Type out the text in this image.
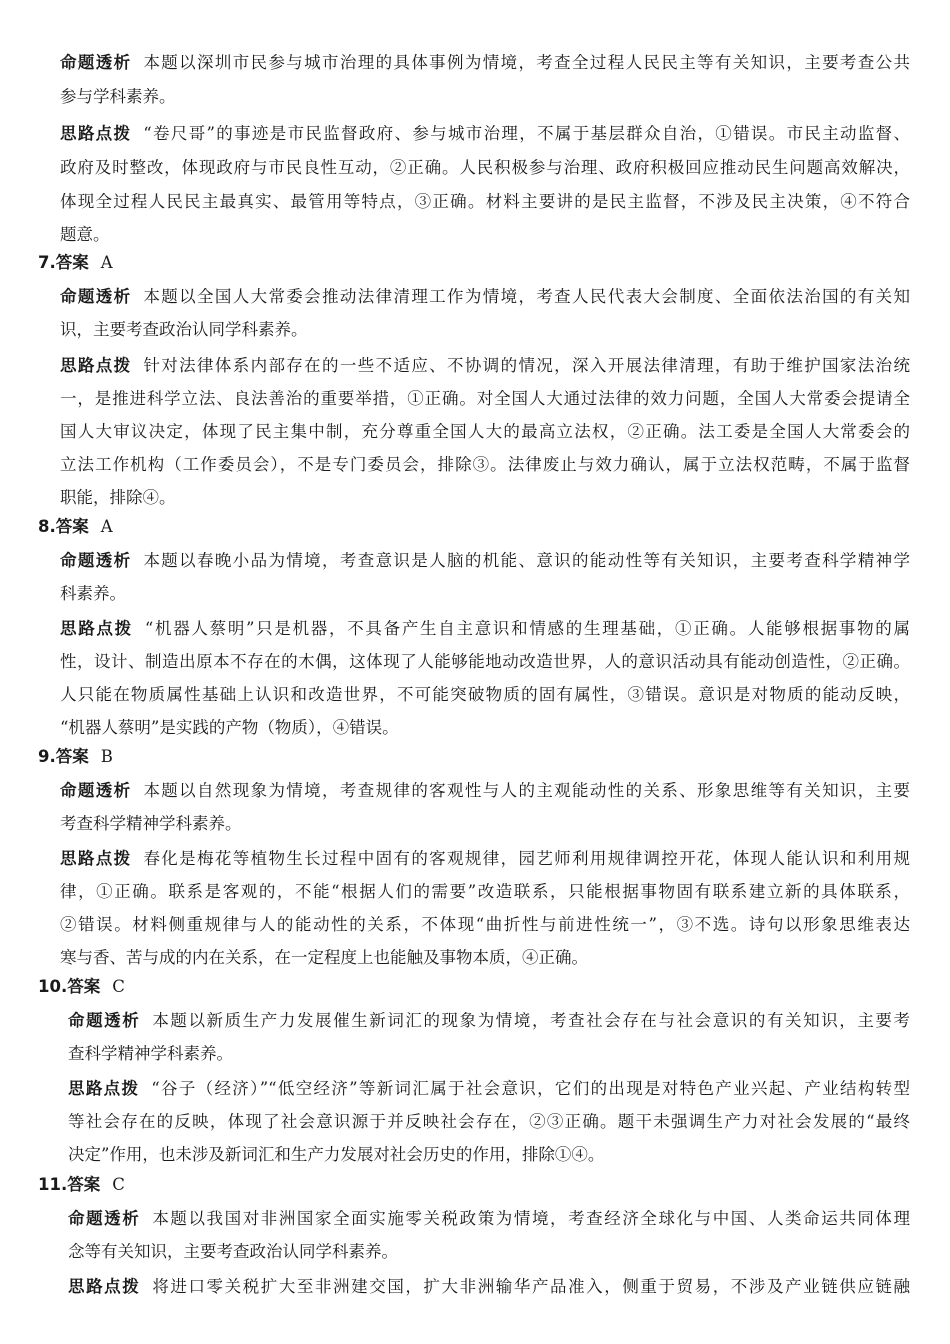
命题透析 本题以深圳市民参与城市治理的具体事例为情境，考查全过程人民民主等有关知识，主要考查公共
参与学科素养。
思路点拨 “卷尺哥”的事迹是市民监督政府、参与城市治理，不属于基层群众自治，①错误。市民主动监督、
政府及时整改，体现政府与市民良性互动，②正确。人民积极参与治理、政府积极回应推动民生问题高效解决，
体现全过程人民民主最真实、最管用等特点，③正确。材料主要讲的是民主监督，不涉及民主决策，④不符合
题意。
7.答案 A
命题透析 本题以全国人大常委会推动法律清理工作为情境，考查人民代表大会制度、全面依法治国的有关知
识，主要考查政治认同学科素养。
思路点拨 针对法律体系内部存在的一些不适应、不协调的情况，深入开展法律清理，有助于维护国家法治统
一，是推进科学立法、良法善治的重要举措，①正确。对全国人大通过法律的效力问题，全国人大常委会提请全
国人大审议决定，体现了民主集中制，充分尊重全国人大的最高立法权，②正确。法工委是全国人大常委会的
立法工作机构（工作委员会），不是专门委员会，排除③。法律废止与效力确认，属于立法权范畴，不属于监督
职能，排除④。
8.答案 A
命题透析 本题以春晚小品为情境，考查意识是人脑的机能、意识的能动性等有关知识，主要考查科学精神学
科素养。
思路点拨 “机器人蔡明”只是机器，不具备产生自主意识和情感的生理基础，①正确。人能够根据事物的属
性，设计、制造出原本不存在的木偶，这体现了人能够能地动改造世界，人的意识活动具有能动创造性，②正确。
人只能在物质属性基础上认识和改造世界，不可能突破物质的固有属性，③错误。意识是对物质的能动反映，
“机器人蔡明”是实践的产物（物质），④错误。
9.答案 B
命题透析 本题以自然现象为情境，考查规律的客观性与人的主观能动性的关系、形象思维等有关知识，主要
考查科学精神学科素养。
思路点拨 春化是梅花等植物生长过程中固有的客观规律，园艺师利用规律调控开花，体现人能认识和利用规
律，①正确。联系是客观的，不能“根据人们的需要”改造联系，只能根据事物固有联系建立新的具体联系，
②错误。材料侧重规律与人的能动性的关系，不体现“曲折性与前进性统一”，③不选。诗句以形象思维表达
寒与香、苦与成的内在关系，在一定程度上也能触及事物本质，④正确。
10.答案 C
命题透析 本题以新质生产力发展催生新词汇的现象为情境，考查社会存在与社会意识的有关知识，主要考
查科学精神学科素养。
思路点拨 “谷子（经济）”“低空经济”等新词汇属于社会意识，它们的出现是对特色产业兴起、产业结构转型
等社会存在的反映，体现了社会意识源于并反映社会存在，②③正确。题干未强调生产力对社会发展的“最终
决定”作用，也未涉及新词汇和生产力发展对社会历史的作用，排除①④。
11.答案 C
命题透析 本题以我国对非洲国家全面实施零关税政策为情境，考查经济全球化与中国、人类命运共同体理
念等有关知识，主要考查政治认同学科素养。
思路点拨 将进口零关税扩大至非洲建交国，扩大非洲输华产品准入，侧重于贸易，不涉及产业链供应链融
